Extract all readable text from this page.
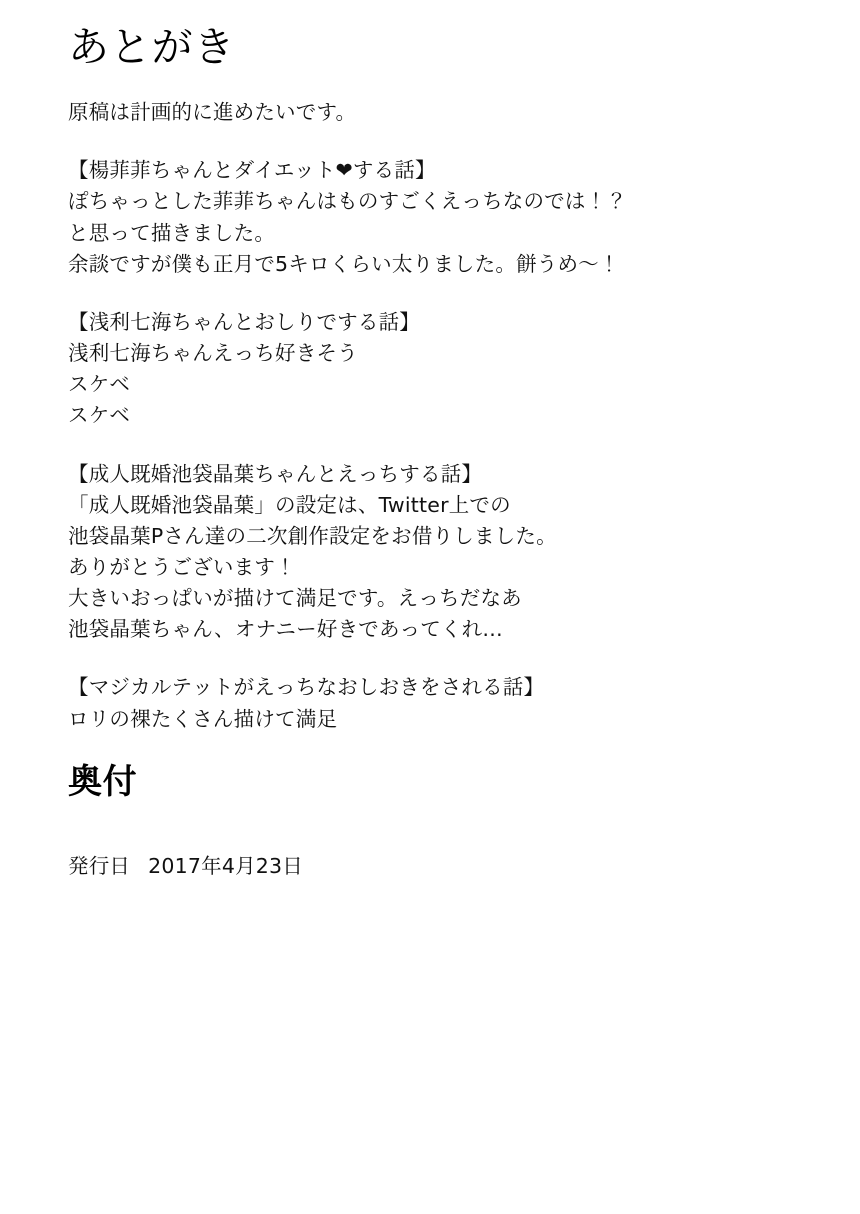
あとがき
原稿は計画的に進めたいです。
【楊菲菲ちゃんとダイエット❤する話】
ぽちゃっとした菲菲ちゃんはものすごくえっちなのでは！？
と思って描きました。
余談ですが僕も正月で5キロくらい太りました。餅うめ〜！
【浅利七海ちゃんとおしりでする話】
浅利七海ちゃんえっち好きそう
スケベ
スケベ
【成人既婚池袋晶葉ちゃんとえっちする話】
「成人既婚池袋晶葉」の設定は、Twitter上での
池袋晶葉Pさん達の二次創作設定をお借りしました。
ありがとうございます！
大きいおっぱいが描けて満足です。えっちだなあ
池袋晶葉ちゃん、オナニー好きであってくれ…
【マジカルテットがえっちなおしおきをされる話】
ロリの裸たくさん描けて満足
奥付
発行日 2017年4月23日
